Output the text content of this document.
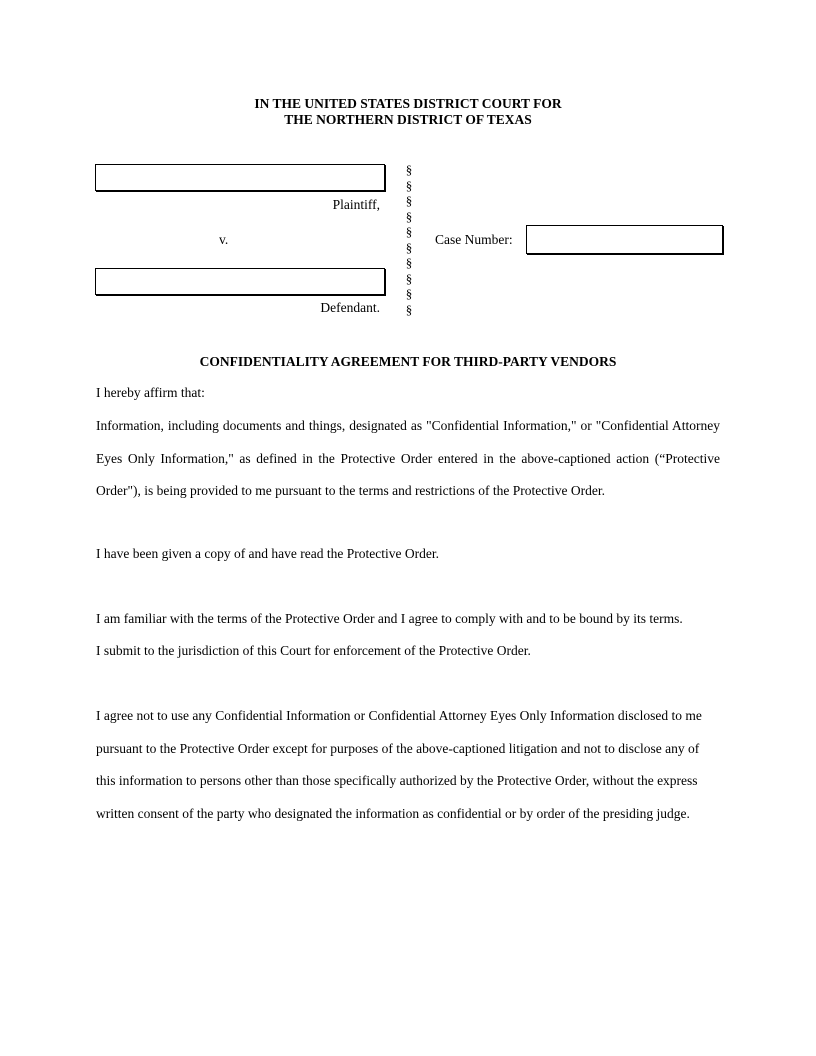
IN THE UNITED STATES DISTRICT COURT FOR
THE NORTHERN DISTRICT OF TEXAS
Plaintiff,
v.
Defendant.
§
§
§
§
§
§
§
§
§
§
Case Number:
CONFIDENTIALITY AGREEMENT FOR THIRD-PARTY VENDORS

I hereby affirm that:

Information, including documents and things, designated as "Confidential Information," or "Confidential Attorney Eyes Only Information," as defined in the Protective Order entered in the above-captioned action (“Protective Order"), is being provided to me pursuant to the terms and restrictions of the Protective Order.

I have been given a copy of and have read the Protective Order.

I am familiar with the terms of the Protective Order and I agree to comply with and to be bound by its terms.

I submit to the jurisdiction of this Court for enforcement of the Protective Order.

I agree not to use any Confidential Information or Confidential Attorney Eyes Only Information disclosed to me pursuant to the Protective Order except for purposes of the above-captioned litigation and not to disclose any of this information to persons other than those specifically authorized by the Protective Order, without the express written consent of the party who designated the information as confidential or by order of the presiding judge.
